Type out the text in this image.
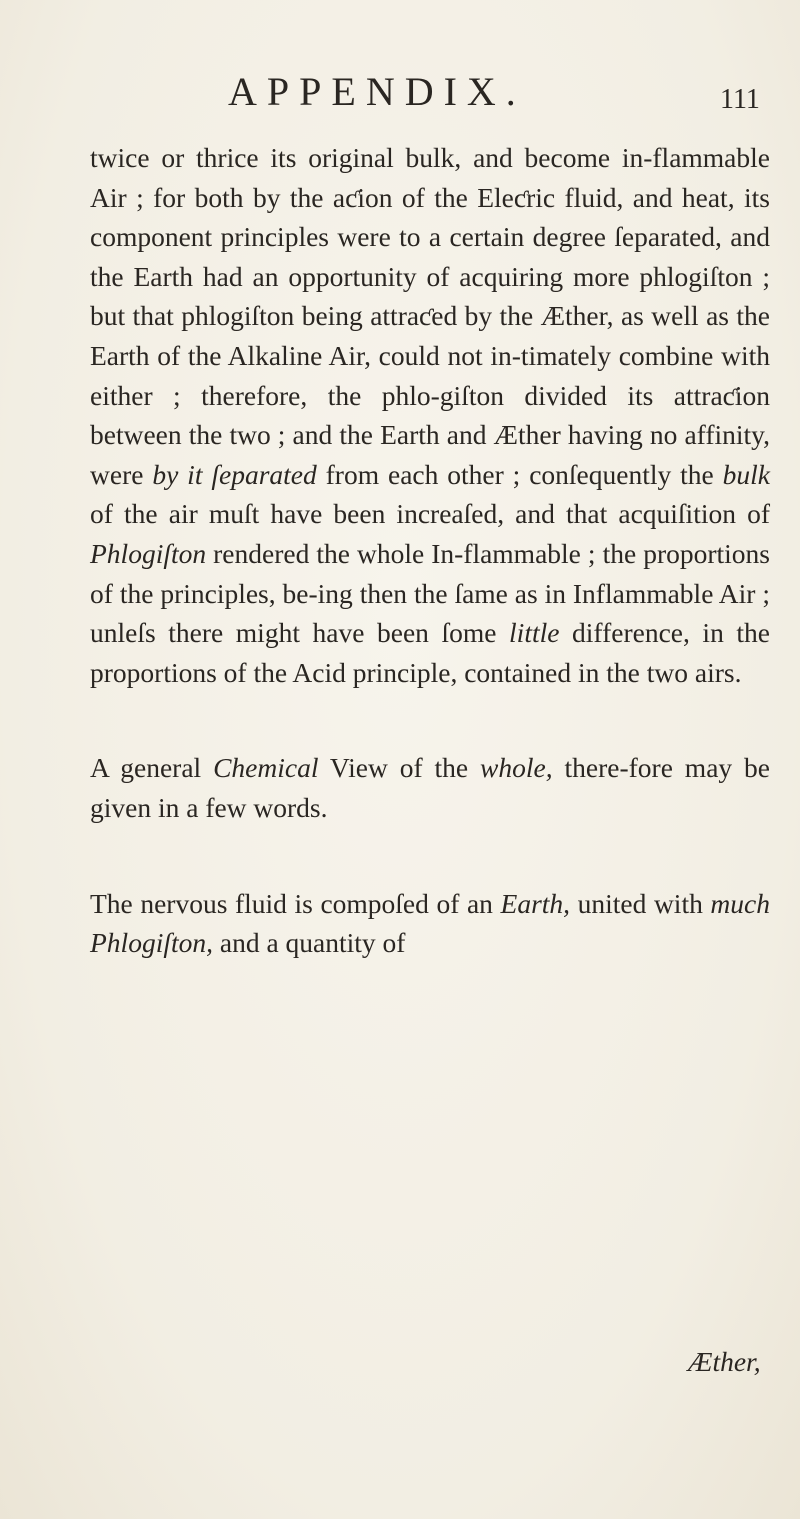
APPENDIX.	111

twice or thrice its original bulk, and become in-flammable Air ; for both by the aƈion of the Eleƈric fluid, and heat, its component principles were to a certain degree ſeparated, and the Earth had an opportunity of acquiring more phlogiſton ; but that phlogiſton being attraƈed by the Æther, as well as the Earth of the Alkaline Air, could not in-timately combine with either ; therefore, the phlo-giſton divided its attraƈion between the two ; and the Earth and Æther having no affinity, were by it ſeparated from each other ; conſequently the bulk of the air muſt have been increaſed, and that acquiſition of Phlogiſton rendered the whole In-flammable ; the proportions of the principles, be-ing then the ſame as in Inflammable Air ; unleſs there might have been ſome little difference, in the proportions of the Acid principle, contained in the two airs.

A general Chemical View of the whole, there-fore may be given in a few words.

The nervous fluid is compoſed of an Earth, united with much Phlogiſton, and a quantity of

Æther,
